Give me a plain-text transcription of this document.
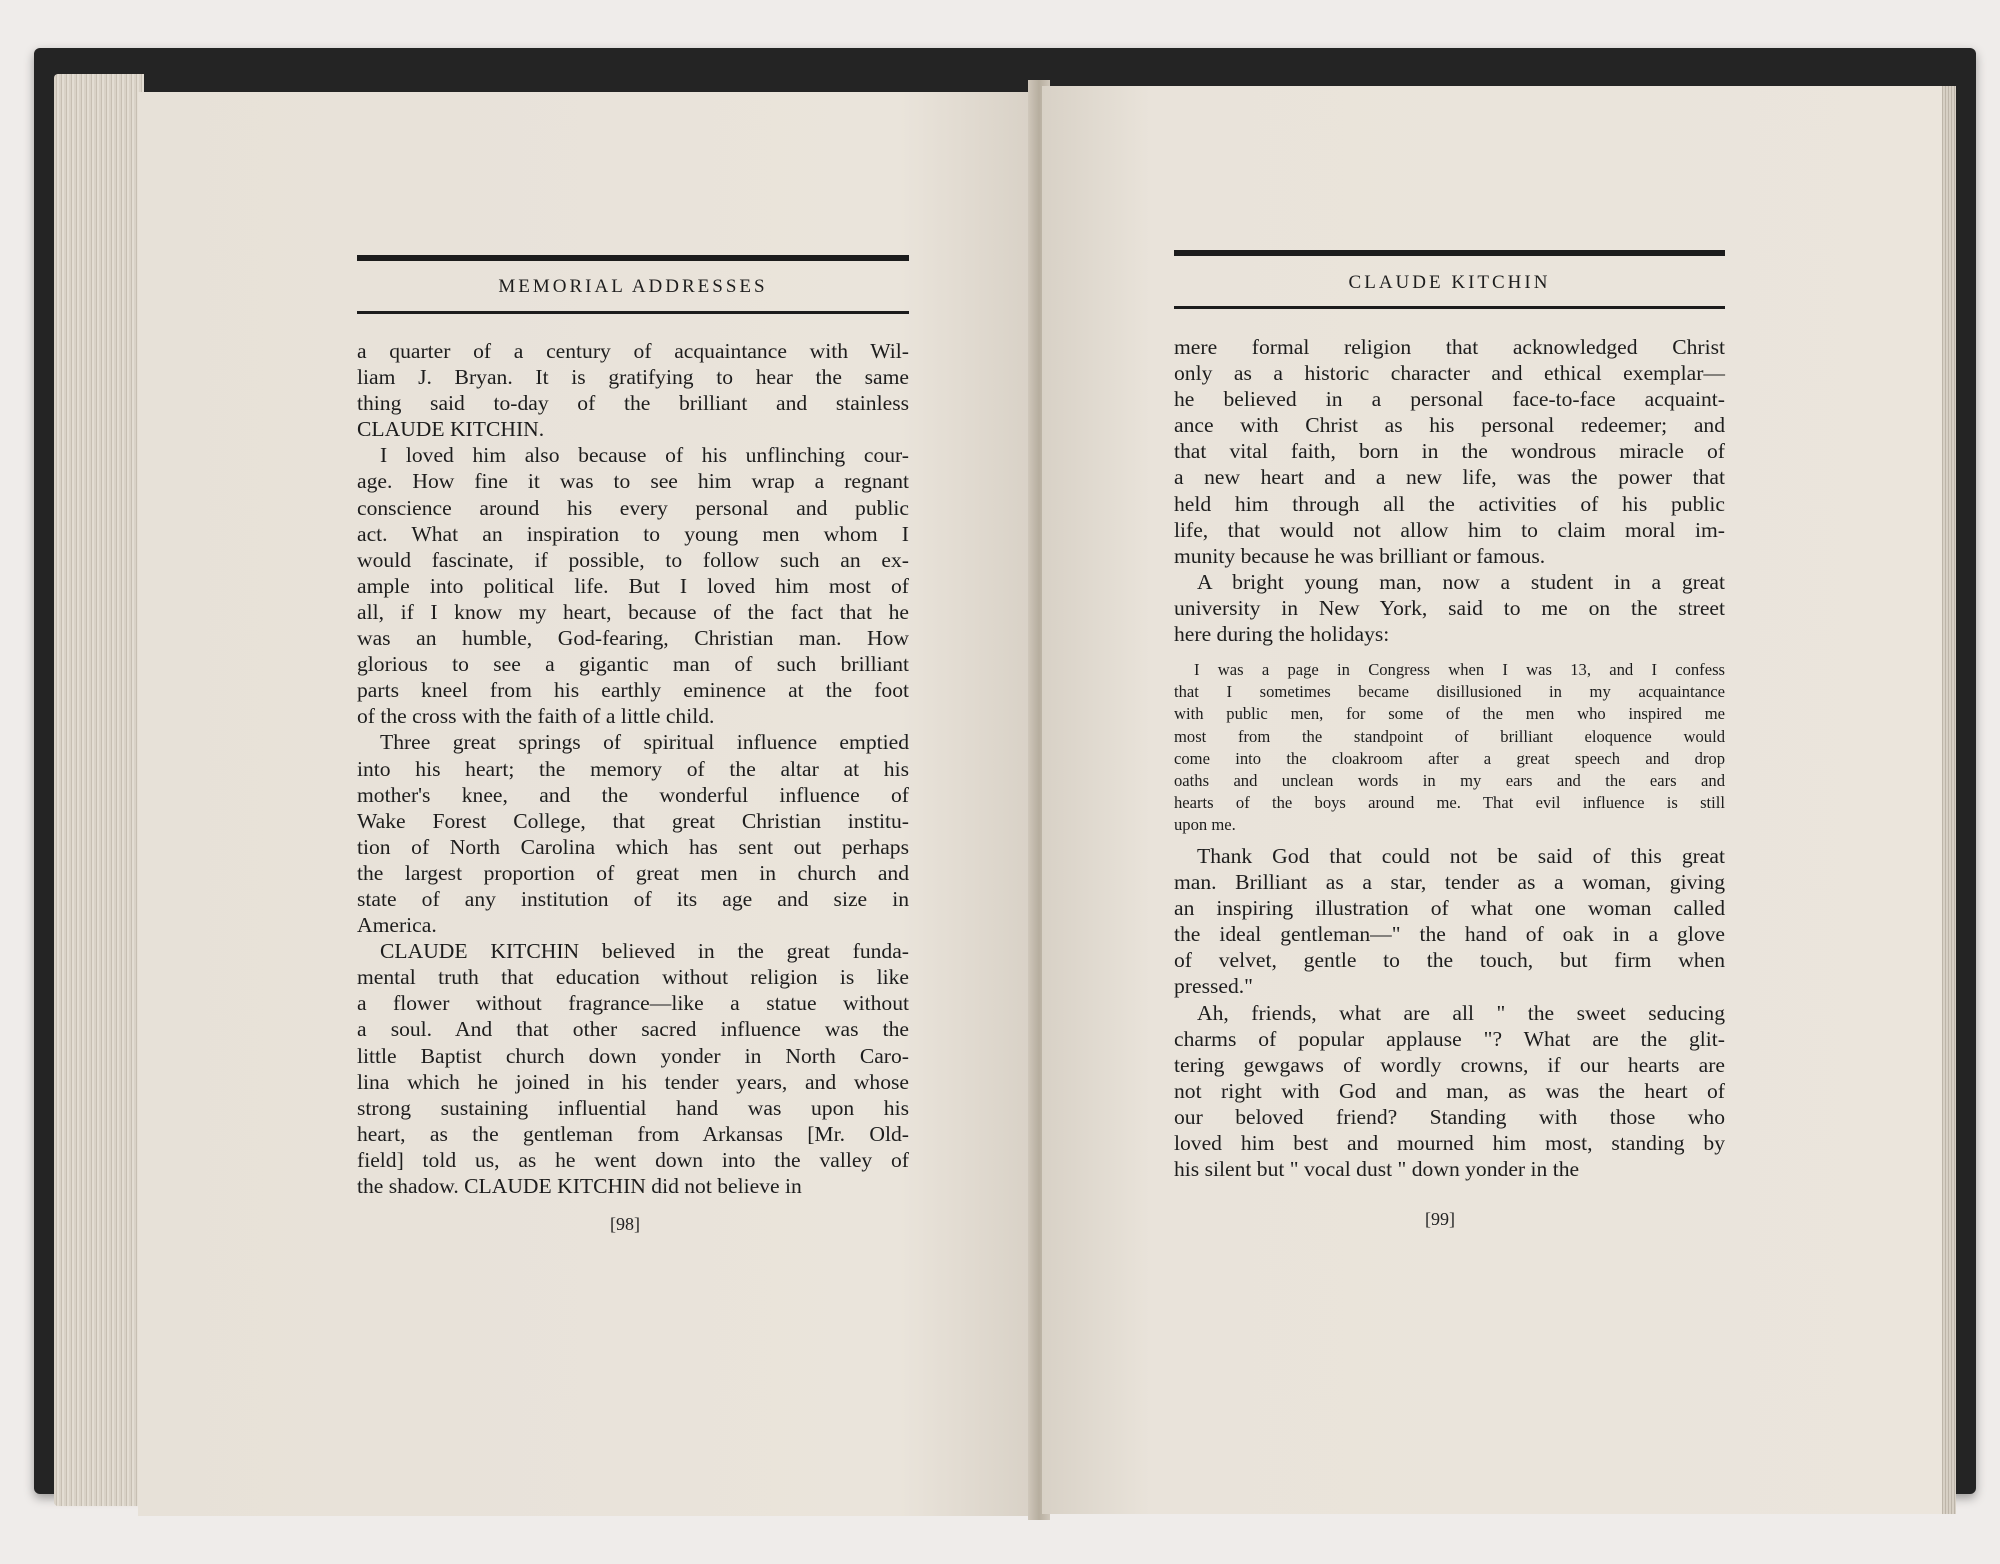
MEMORIAL ADDRESSES
a quarter of a century of acquaintance with Wil-
liam J. Bryan. It is gratifying to hear the same
thing said to-day of the brilliant and stainless
CLAUDE KITCHIN.
I loved him also because of his unflinching cour-
age. How fine it was to see him wrap a regnant
conscience around his every personal and public
act. What an inspiration to young men whom I
would fascinate, if possible, to follow such an ex-
ample into political life. But I loved him most of
all, if I know my heart, because of the fact that he
was an humble, God-fearing, Christian man. How
glorious to see a gigantic man of such brilliant
parts kneel from his earthly eminence at the foot
of the cross with the faith of a little child.
Three great springs of spiritual influence emptied
into his heart; the memory of the altar at his
mother's knee, and the wonderful influence of
Wake Forest College, that great Christian institu-
tion of North Carolina which has sent out perhaps
the largest proportion of great men in church and
state of any institution of its age and size in
America.
CLAUDE KITCHIN believed in the great funda-
mental truth that education without religion is like
a flower without fragrance—like a statue without
a soul. And that other sacred influence was the
little Baptist church down yonder in North Caro-
lina which he joined in his tender years, and whose
strong sustaining influential hand was upon his
heart, as the gentleman from Arkansas [Mr. Old-
field] told us, as he went down into the valley of
the shadow. CLAUDE KITCHIN did not believe in
[98]
CLAUDE KITCHIN
mere formal religion that acknowledged Christ
only as a historic character and ethical exemplar—
he believed in a personal face-to-face acquaint-
ance with Christ as his personal redeemer; and
that vital faith, born in the wondrous miracle of
a new heart and a new life, was the power that
held him through all the activities of his public
life, that would not allow him to claim moral im-
munity because he was brilliant or famous.
A bright young man, now a student in a great
university in New York, said to me on the street
here during the holidays:
I was a page in Congress when I was 13, and I confess
that I sometimes became disillusioned in my acquaintance
with public men, for some of the men who inspired me
most from the standpoint of brilliant eloquence would
come into the cloakroom after a great speech and drop
oaths and unclean words in my ears and the ears and
hearts of the boys around me. That evil influence is still
upon me.
Thank God that could not be said of this great
man. Brilliant as a star, tender as a woman, giving
an inspiring illustration of what one woman called
the ideal gentleman—" the hand of oak in a glove
of velvet, gentle to the touch, but firm when
pressed."
Ah, friends, what are all " the sweet seducing
charms of popular applause "? What are the glit-
tering gewgaws of wordly crowns, if our hearts are
not right with God and man, as was the heart of
our beloved friend? Standing with those who
loved him best and mourned him most, standing by
his silent but " vocal dust " down yonder in the
[99]
